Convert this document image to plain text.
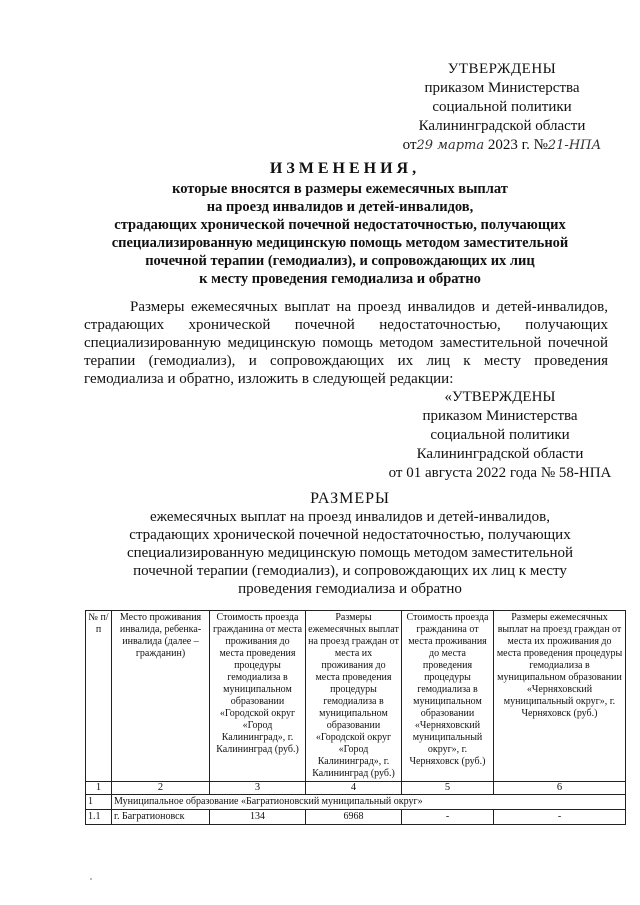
УТВЕРЖДЕНЫ
приказом Министерства
социальной политики
Калининградской области
от29 марта 2023 г. №21-НПА
ИЗМЕНЕНИЯ,
которые вносятся в размеры ежемесячных выплат
на проезд инвалидов и детей-инвалидов,
страдающих хронической почечной недостаточностью, получающих
специализированную медицинскую помощь методом заместительной
почечной терапии (гемодиализ), и сопровождающих их лиц
к месту проведения гемодиализа и обратно
Размеры ежемесячных выплат на проезд инвалидов и детей-инвалидов, страдающих хронической почечной недостаточностью, получающих специализированную медицинскую помощь методом заместительной почечной терапии (гемодиализ), и сопровождающих их лиц к месту проведения гемодиализа и обратно, изложить в следующей редакции:
«УТВЕРЖДЕНЫ
приказом Министерства
социальной политики
Калининградской области
от 01 августа 2022 года № 58-НПА
РАЗМЕРЫ
ежемесячных выплат на проезд инвалидов и детей-инвалидов,
страдающих хронической почечной недостаточностью, получающих
специализированную медицинскую помощь методом заместительной
почечной терапии (гемодиализ), и сопровождающих их лиц к месту
проведения гемодиализа и обратно
№ п/п	Место проживания инвалида, ребенка-инвалида (далее – гражданин)	Стоимость проезда гражданина от места проживания до места проведения процедуры гемодиализа в муниципальном образовании «Городской округ «Город Калининград», г. Калининград (руб.)	Размеры ежемесячных выплат на проезд граждан от места их проживания до места проведения процедуры гемодиализа в муниципальном образовании «Городской округ «Город Калининград», г. Калининград (руб.)	Стоимость проезда гражданина от места проживания до места проведения процедуры гемодиализа в муниципальном образовании «Черняховский муниципальный округ», г. Черняховск (руб.)	Размеры ежемесячных выплат на проезд граждан от места их проживания до места проведения процедуры гемодиализа в муниципальном образовании «Черняховский муниципальный округ», г. Черняховск (руб.)
1	2	3	4	5	6
1	Муниципальное образование «Багратионовский муниципальный округ»				
1.1	г. Багратионовск	134	6968	-	-
